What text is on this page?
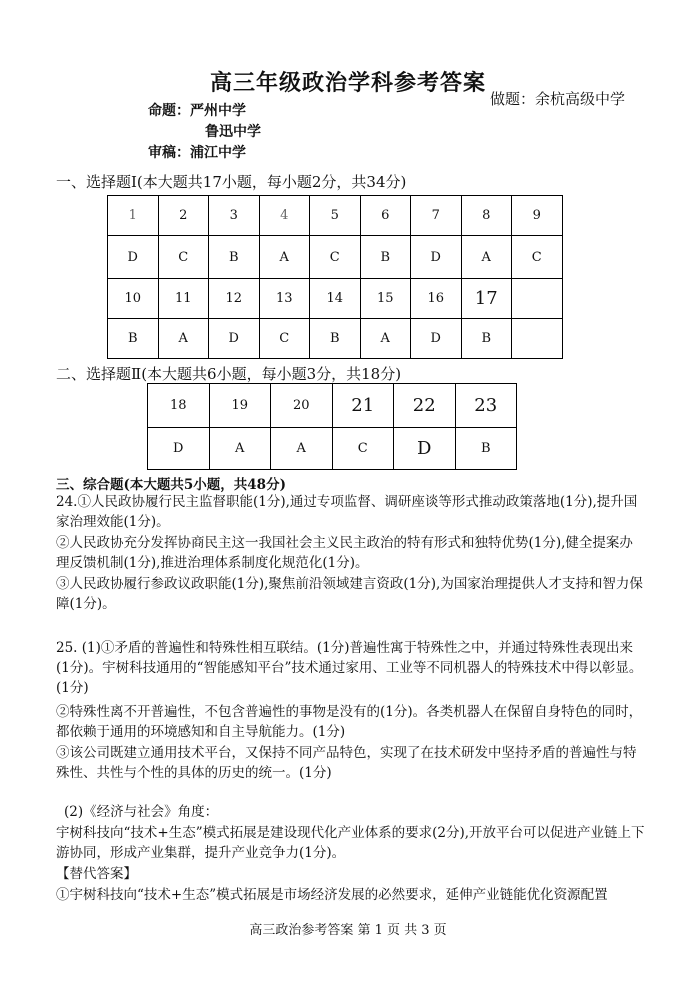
高三年级政治学科参考答案
做题：余杭高级中学
命题：严州中学
鲁迅中学
审稿：浦江中学
一、选择题Ⅰ(本大题共17小题，每小题2分，共34分)
1	2	3	4	5	6	7	8	9
D	C	B	A	C	B	D	A	C
10	11	12	13	14	15	16	17	
B	A	D	C	B	A	D	B	
二、选择题Ⅱ(本大题共6小题，每小题3分，共18分)
18	19	20	21	22	23
D	A	A	C	D	B
三、综合题(本大题共5小题，共48分)
24.①人民政协履行民主监督职能(1分),通过专项监督、调研座谈等形式推动政策落地(1分),提升国家治理效能(1分)。
②人民政协充分发挥协商民主这一我国社会主义民主政治的特有形式和独特优势(1分),健全提案办理反馈机制(1分),推进治理体系制度化规范化(1分)。
③人民政协履行参政议政职能(1分),聚焦前沿领域建言资政(1分),为国家治理提供人才支持和智力保障(1分)。
25. (1)①矛盾的普遍性和特殊性相互联结。(1分)普遍性寓于特殊性之中，并通过特殊性表现出来(1分)。宇树科技通用的“智能感知平台”技术通过家用、工业等不同机器人的特殊技术中得以彰显。(1分)
②特殊性离不开普遍性，不包含普遍性的事物是没有的(1分)。各类机器人在保留自身特色的同时，都依赖于通用的环境感知和自主导航能力。(1分)
③该公司既建立通用技术平台，又保持不同产品特色，实现了在技术研发中坚持矛盾的普遍性与特殊性、共性与个性的具体的历史的统一。(1分)
(2)《经济与社会》角度：
宇树科技向“技术+生态”模式拓展是建设现代化产业体系的要求(2分),开放平台可以促进产业链上下游协同，形成产业集群，提升产业竞争力(1分)。
【替代答案】
①宇树科技向“技术+生态”模式拓展是市场经济发展的必然要求，延伸产业链能优化资源配置
高三政治参考答案 第 1 页 共 3 页
